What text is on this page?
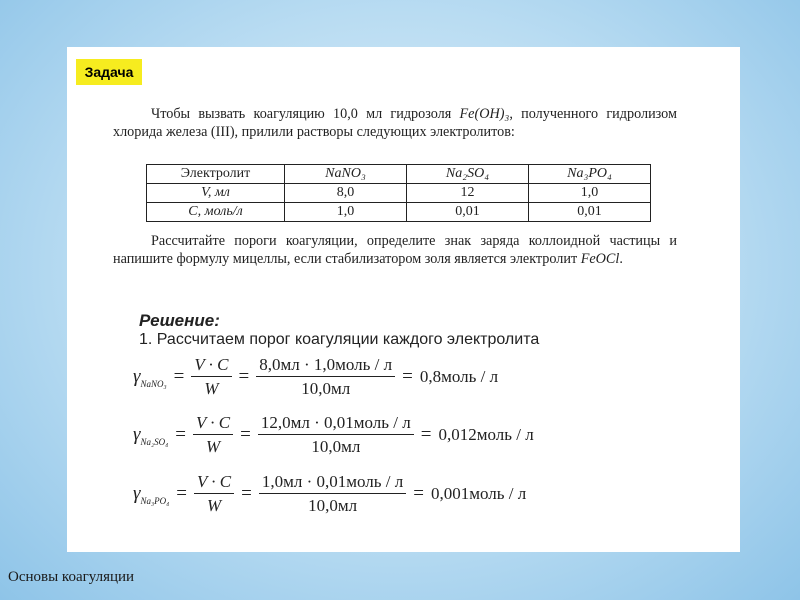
Задача
Чтобы вызвать коагуляцию 10,0 мл гидрозоля Fe(OH)₃, полученного гидролизом хлорида железа (III), прилили растворы следующих электролитов:
Электролит	NaNO₃	Na₂SO₄	Na₃PO₄
V, мл	8,0	12	1,0
C, моль/л	1,0	0,01	0,01
Рассчитайте пороги коагуляции, определите знак заряда коллоидной частицы и напишите формулу мицеллы, если стабилизатором золя является электролит FeOCl.
Решение:
1. Рассчитаем порог коагуляции каждого электролита
$\gamma_{NaNO_3} = \frac{V \cdot C}{W} = \frac{\text{8,0мл · 1,0моль / л}}{10,0мл}$ = 0,8моль / л
$\gamma_{Na_2SO_4} = \frac{V \cdot C}{W} = \frac{\text{12,0мл · 0,01моль / л}}{10,0мл}$ = 0,012моль / л
$\gamma_{Na_3PO_4} = \frac{V \cdot C}{W} = \frac{\text{1,0мл · 0,01моль / л}}{10,0мл}$ = 0,001моль / л
Основы коагуляции
